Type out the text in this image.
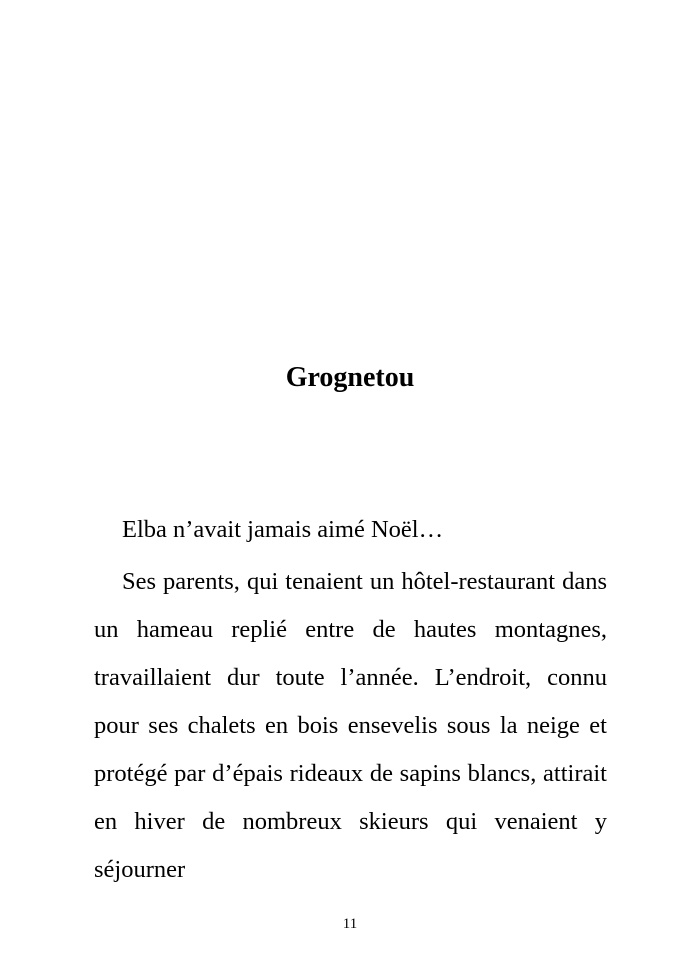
Grognetou

Elba n’avait jamais aimé Noël…

Ses parents, qui tenaient un hôtel-restaurant dans un hameau replié entre de hautes montagnes, travaillaient dur toute l’année. L’endroit, connu pour ses chalets en bois ensevelis sous la neige et protégé par d’épais rideaux de sapins blancs, attirait en hiver de nombreux skieurs qui venaient y séjourner

11
